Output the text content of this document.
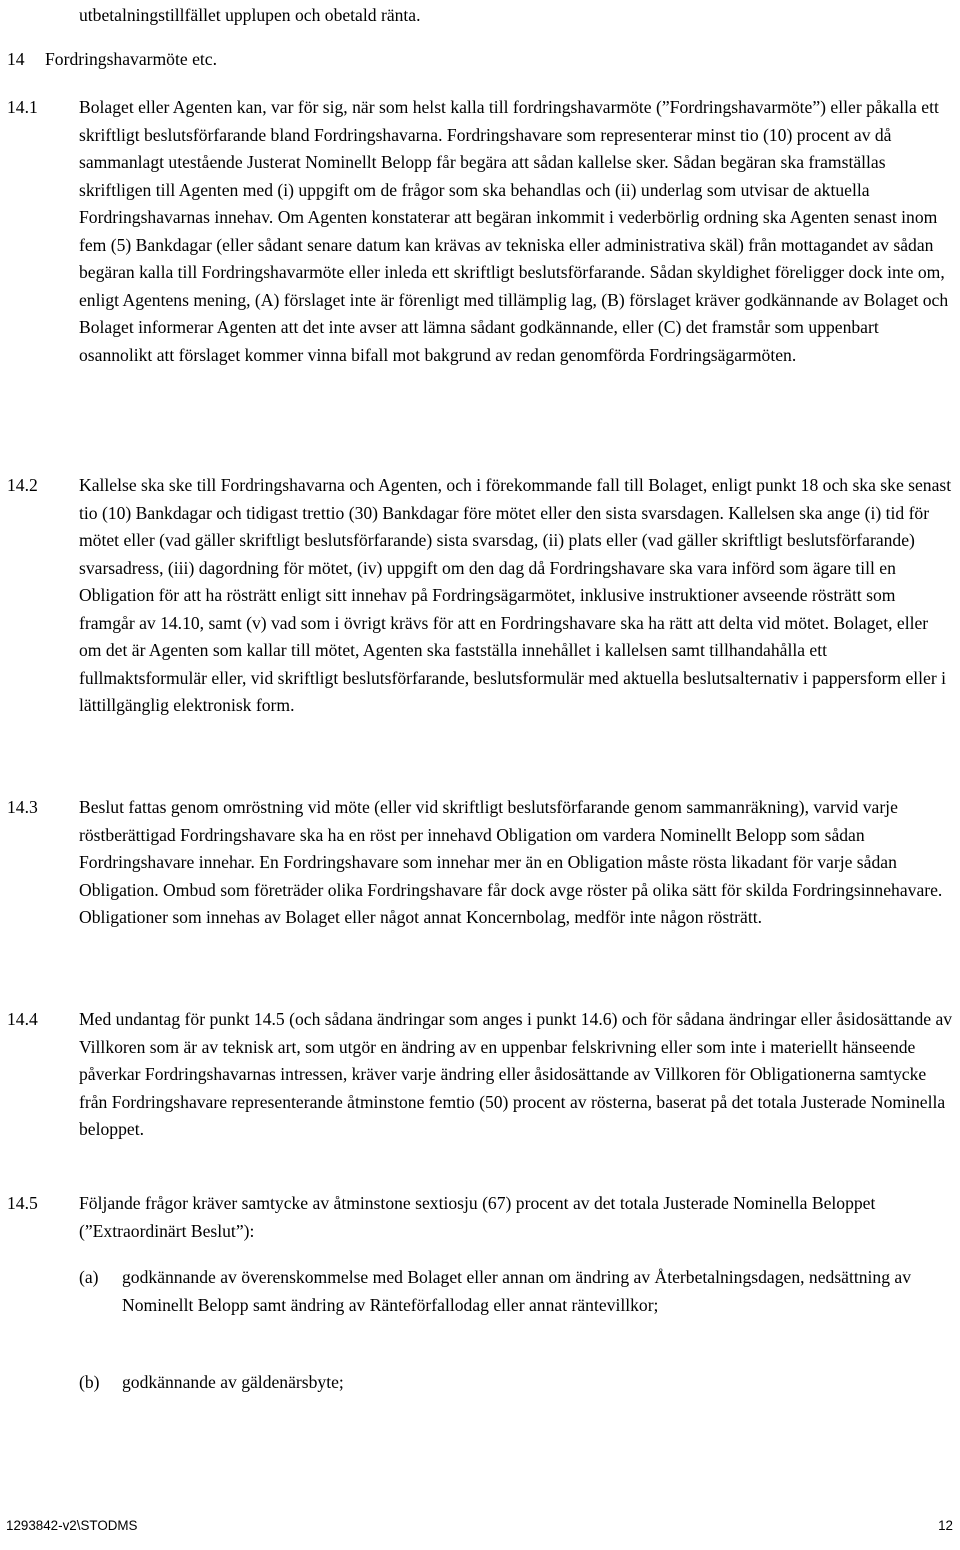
utbetalningstillfället upplupen och obetald ränta.

14 Fordringshavarmöte etc.
14.1 Bolaget eller Agenten kan, var för sig, när som helst kalla till fordringshavarmöte (”Fordringshavarmöte”) eller påkalla ett skriftligt beslutsförfarande bland Fordringshavarna. Fordringshavare som representerar minst tio (10) procent av då sammanlagt utestående Justerat Nominellt Belopp får begära att sådan kallelse sker. Sådan begäran ska framställas skriftligen till Agenten med (i) uppgift om de frågor som ska behandlas och (ii) underlag som utvisar de aktuella Fordringshavarnas innehav. Om Agenten konstaterar att begäran inkommit i vederbörlig ordning ska Agenten senast inom fem (5) Bankdagar (eller sådant senare datum kan krävas av tekniska eller administrativa skäl) från mottagandet av sådan begäran kalla till Fordringshavarmöte eller inleda ett skriftligt beslutsförfarande. Sådan skyldighet föreligger dock inte om, enligt Agentens mening, (A) förslaget inte är förenligt med tillämplig lag, (B) förslaget kräver godkännande av Bolaget och Bolaget informerar Agenten att det inte avser att lämna sådant godkännande, eller (C) det framstår som uppenbart osannolikt att förslaget kommer vinna bifall mot bakgrund av redan genomförda Fordringsägarmöten.

14.2 Kallelse ska ske till Fordringshavarna och Agenten, och i förekommande fall till Bolaget, enligt punkt 18 och ska ske senast tio (10) Bankdagar och tidigast trettio (30) Bankdagar före mötet eller den sista svarsdagen. Kallelsen ska ange (i) tid för mötet eller (vad gäller skriftligt beslutsförfarande) sista svarsdag, (ii) plats eller (vad gäller skriftligt beslutsförfarande) svarsadress, (iii) dagordning för mötet, (iv) uppgift om den dag då Fordringshavare ska vara införd som ägare till en Obligation för att ha rösträtt enligt sitt innehav på Fordringsägarmötet, inklusive instruktioner avseende rösträtt som framgår av 14.10, samt (v) vad som i övrigt krävs för att en Fordringshavare ska ha rätt att delta vid mötet. Bolaget, eller om det är Agenten som kallar till mötet, Agenten ska fastställa innehållet i kallelsen samt tillhandahålla ett fullmaktsformulär eller, vid skriftligt beslutsförfarande, beslutsformulär med aktuella beslutsalternativ i pappersform eller i lättillgänglig elektronisk form.

14.3 Beslut fattas genom omröstning vid möte (eller vid skriftligt beslutsförfarande genom sammanräkning), varvid varje röstberättigad Fordringshavare ska ha en röst per innehavd Obligation om vardera Nominellt Belopp som sådan Fordringshavare innehar. En Fordringshavare som innehar mer än en Obligation måste rösta likadant för varje sådan Obligation. Ombud som företräder olika Fordringshavare får dock avge röster på olika sätt för skilda Fordringsinnehavare. Obligationer som innehas av Bolaget eller något annat Koncernbolag, medför inte någon rösträtt.

14.4 Med undantag för punkt 14.5 (och sådana ändringar som anges i punkt 14.6) och för sådana ändringar eller åsidosättande av Villkoren som är av teknisk art, som utgör en ändring av en uppenbar felskrivning eller som inte i materiellt hänseende påverkar Fordringshavarnas intressen, kräver varje ändring eller åsidosättande av Villkoren för Obligationerna samtycke från Fordringshavare representerande åtminstone femtio (50) procent av rösterna, baserat på det totala Justerade Nominella beloppet.

14.5 Följande frågor kräver samtycke av åtminstone sextiosju (67) procent av det totala Justerade Nominella Beloppet (”Extraordinärt Beslut”):

(a) godkännande av överenskommelse med Bolaget eller annan om ändring av Återbetalningsdagen, nedsättning av Nominellt Belopp samt ändring av Ränteförfallodag eller annat räntevillkor;

(b) godkännande av gäldenärsbyte;

1293842-v2\STODMS	12
